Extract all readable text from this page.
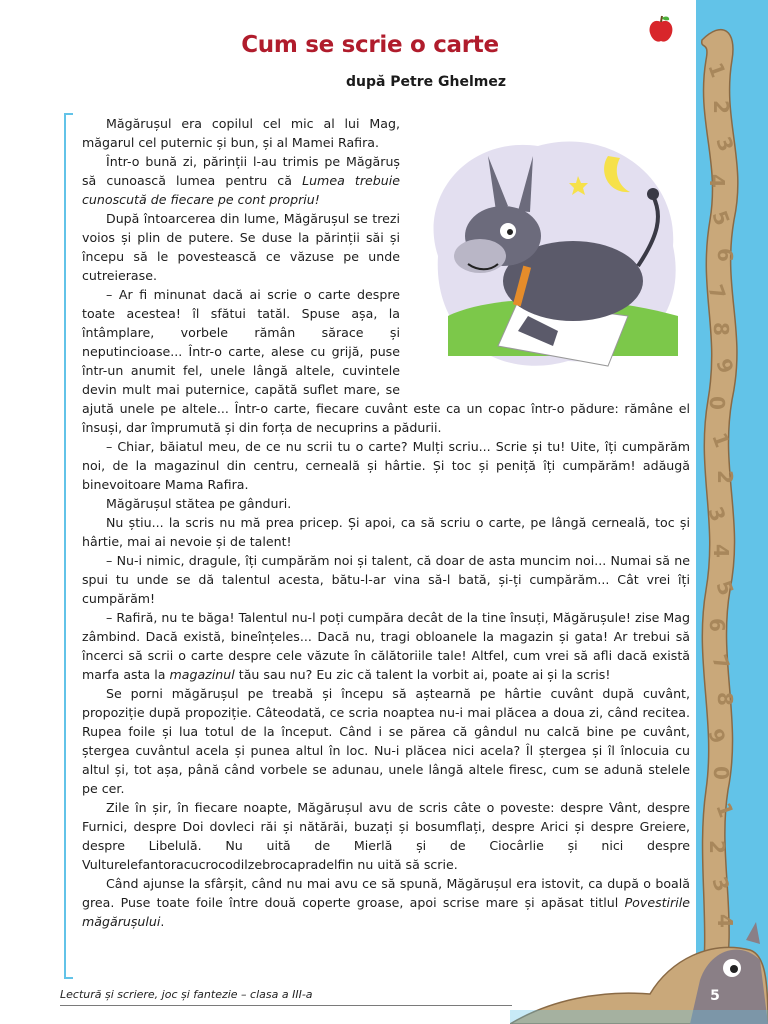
1
2
3
4
5
6
7
8
9
0
1
2
3
4
5
6
7
8
9
0
1
2
3
4
Cum se scrie o carte

după Petre Ghelmez

Măgărușul era copilul cel mic al lui Mag, măgarul cel puternic și bun, și al Mamei Rafira.

Într-o bună zi, părinții l-au trimis pe Măgăruș să cunoască lumea pentru că Lumea trebuie cunoscută de fiecare pe cont propriu!

După întoarcerea din lume, Măgărușul se trezi voios și plin de putere. Se duse la părinții săi și începu să le povestească ce văzuse pe unde cutreierase.

– Ar fi minunat dacă ai scrie o carte despre toate acestea! îl sfătui tatăl. Spuse așa, la întâmplare, vorbele rămân sărace și neputincioase... Într-o carte, alese cu grijă, puse într-un anumit fel, unele lângă altele, cuvintele devin mult mai puternice, capătă suflet mare, se ajută unele pe altele... Într-o carte, fiecare cuvânt este ca un copac într-o pădure: rămâne el însuși, dar împrumută și din forța de necuprins a pădurii.

– Chiar, băiatul meu, de ce nu scrii tu o carte? Mulți scriu... Scrie și tu! Uite, îți cumpărăm noi, de la magazinul din centru, cerneală și hârtie. Și toc și peniță îți cumpărăm! adăugă binevoitoare Mama Rafira.

Măgărușul stătea pe gânduri.

Nu știu... la scris nu mă prea pricep. Și apoi, ca să scriu o carte, pe lângă cerneală, toc și hârtie, mai ai nevoie și de talent!

– Nu-i nimic, dragule, îți cumpărăm noi și talent, că doar de asta muncim noi... Numai să ne spui tu unde se dă talentul acesta, bătu-l-ar vina să-l bată, și-ți cumpărăm... Cât vrei îți cumpărăm!

– Rafiră, nu te băga! Talentul nu-l poți cumpăra decât de la tine însuți, Măgărușule! zise Mag zâmbind. Dacă există, bineînțeles... Dacă nu, tragi obloanele la magazin și gata! Ar trebui să încerci să scrii o carte despre cele văzute în călătoriile tale! Altfel, cum vrei să afli dacă există marfa asta la magazinul tău sau nu? Eu zic că talent la vorbit ai, poate ai și la scris!

Se porni măgărușul pe treabă și începu să aștearnă pe hârtie cuvânt după cuvânt, propoziție după propoziție. Câteodată, ce scria noaptea nu-i mai plăcea a doua zi, când recitea. Rupea foile și lua totul de la început. Când i se părea că gândul nu calcă bine pe cuvânt, ștergea cuvântul acela și punea altul în loc. Nu-i plăcea nici acela? Îl ștergea și îl înlocuia cu altul și, tot așa, până când vorbele se adunau, unele lângă altele firesc, cum se adună stelele pe cer.

Zile în șir, în fiecare noapte, Măgărușul avu de scris câte o poveste: despre Vânt, despre Furnici, despre Doi dovleci răi și nătărăi, buzați și bosumflați, despre Arici și despre Greiere, despre Libelulă. Nu uită de Mierlă și de Ciocârlie și nici despre Vulturelefantoracucrocodilzebrocapradelfin nu uită să scrie.

Când ajunse la sfârșit, când nu mai avu ce să spună, Măgărușul era istovit, ca după o boală grea. Puse toate foile între două coperte groase, apoi scrise mare și apăsat titlul Povestirile măgărușului.

Lectură și scriere, joc și fantezie – clasa a III-a	5
